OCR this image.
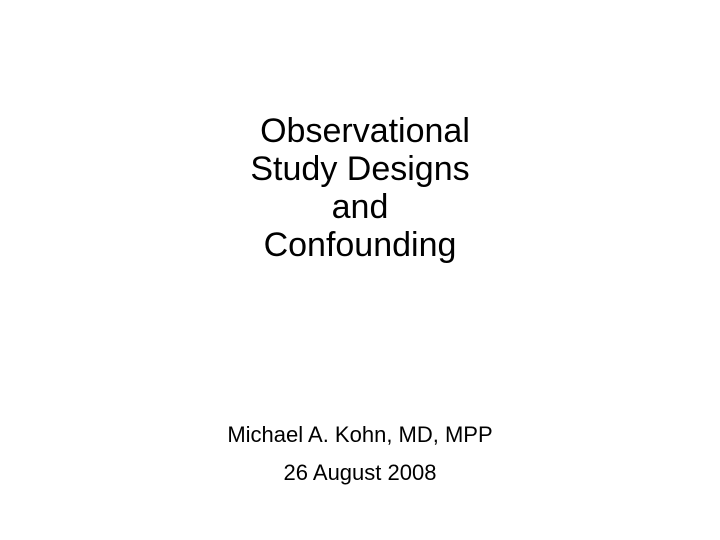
Observational
Study Designs
and
Confounding
Michael A. Kohn, MD, MPP
26 August 2008
